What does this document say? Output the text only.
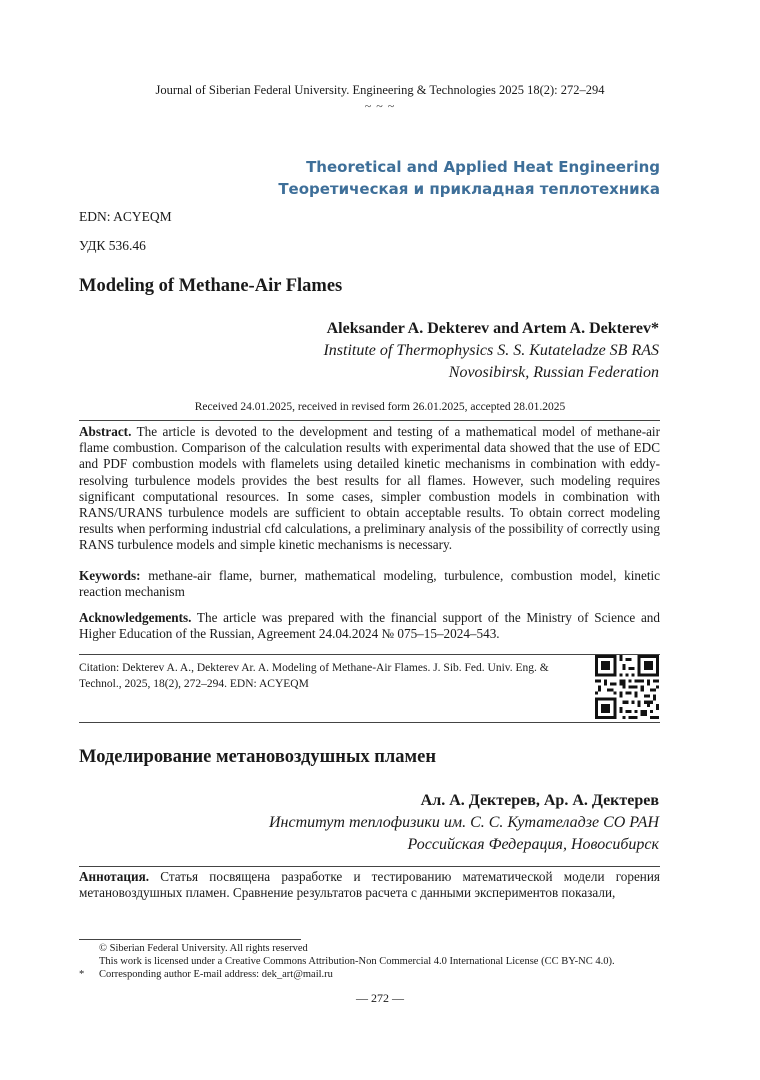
Journal of Siberian Federal University. Engineering & Technologies 2025 18(2): 272–294
~ ~ ~
Theoretical and Applied Heat Engineering
Теоретическая и прикладная теплотехника
EDN: ACYEQM
УДК 536.46
Modeling of Methane-Air Flames
Aleksander A. Dekterev and Artem A. Dekterev*
Institute of Thermophysics S. S. Kutateladze SB RAS
Novosibirsk, Russian Federation
Received 24.01.2025, received in revised form 26.01.2025, accepted 28.01.2025
Abstract. The article is devoted to the development and testing of a mathematical model of methane-air flame combustion. Comparison of the calculation results with experimental data showed that the use of EDC and PDF combustion models with flamelets using detailed kinetic mechanisms in combination with eddy-resolving turbulence models provides the best results for all flames. However, such modeling requires significant computational resources. In some cases, simpler combustion models in combination with RANS/URANS turbulence models are sufficient to obtain acceptable results. To obtain correct modeling results when performing industrial cfd calculations, a preliminary analysis of the possibility of correctly using RANS turbulence models and simple kinetic mechanisms is necessary.
Keywords: methane-air flame, burner, mathematical modeling, turbulence, combustion model, kinetic reaction mechanism
Acknowledgements. The article was prepared with the financial support of the Ministry of Science and Higher Education of the Russian, Agreement 24.04.2024 № 075–15–2024–543.
Citation: Dekterev A. A., Dekterev Ar. A. Modeling of Methane-Air Flames. J. Sib. Fed. Univ. Eng. & Technol., 2025, 18(2), 272–294. EDN: ACYEQM
Моделирование метановоздушных пламен
Ал. А. Дектерев, Ар. А. Дектерев
Институт теплофизики им. С. С. Кутателадзе СО РАН
Российская Федерация, Новосибирск
Аннотация. Статья посвящена разработке и тестированию математической модели горения метановоздушных пламен. Сравнение результатов расчета с данными экспериментов показали,
© Siberian Federal University. All rights reserved
This work is licensed under a Creative Commons Attribution-Non Commercial 4.0 International License (CC BY-NC 4.0).
* Corresponding author E-mail address: dek_art@mail.ru
— 272 —
